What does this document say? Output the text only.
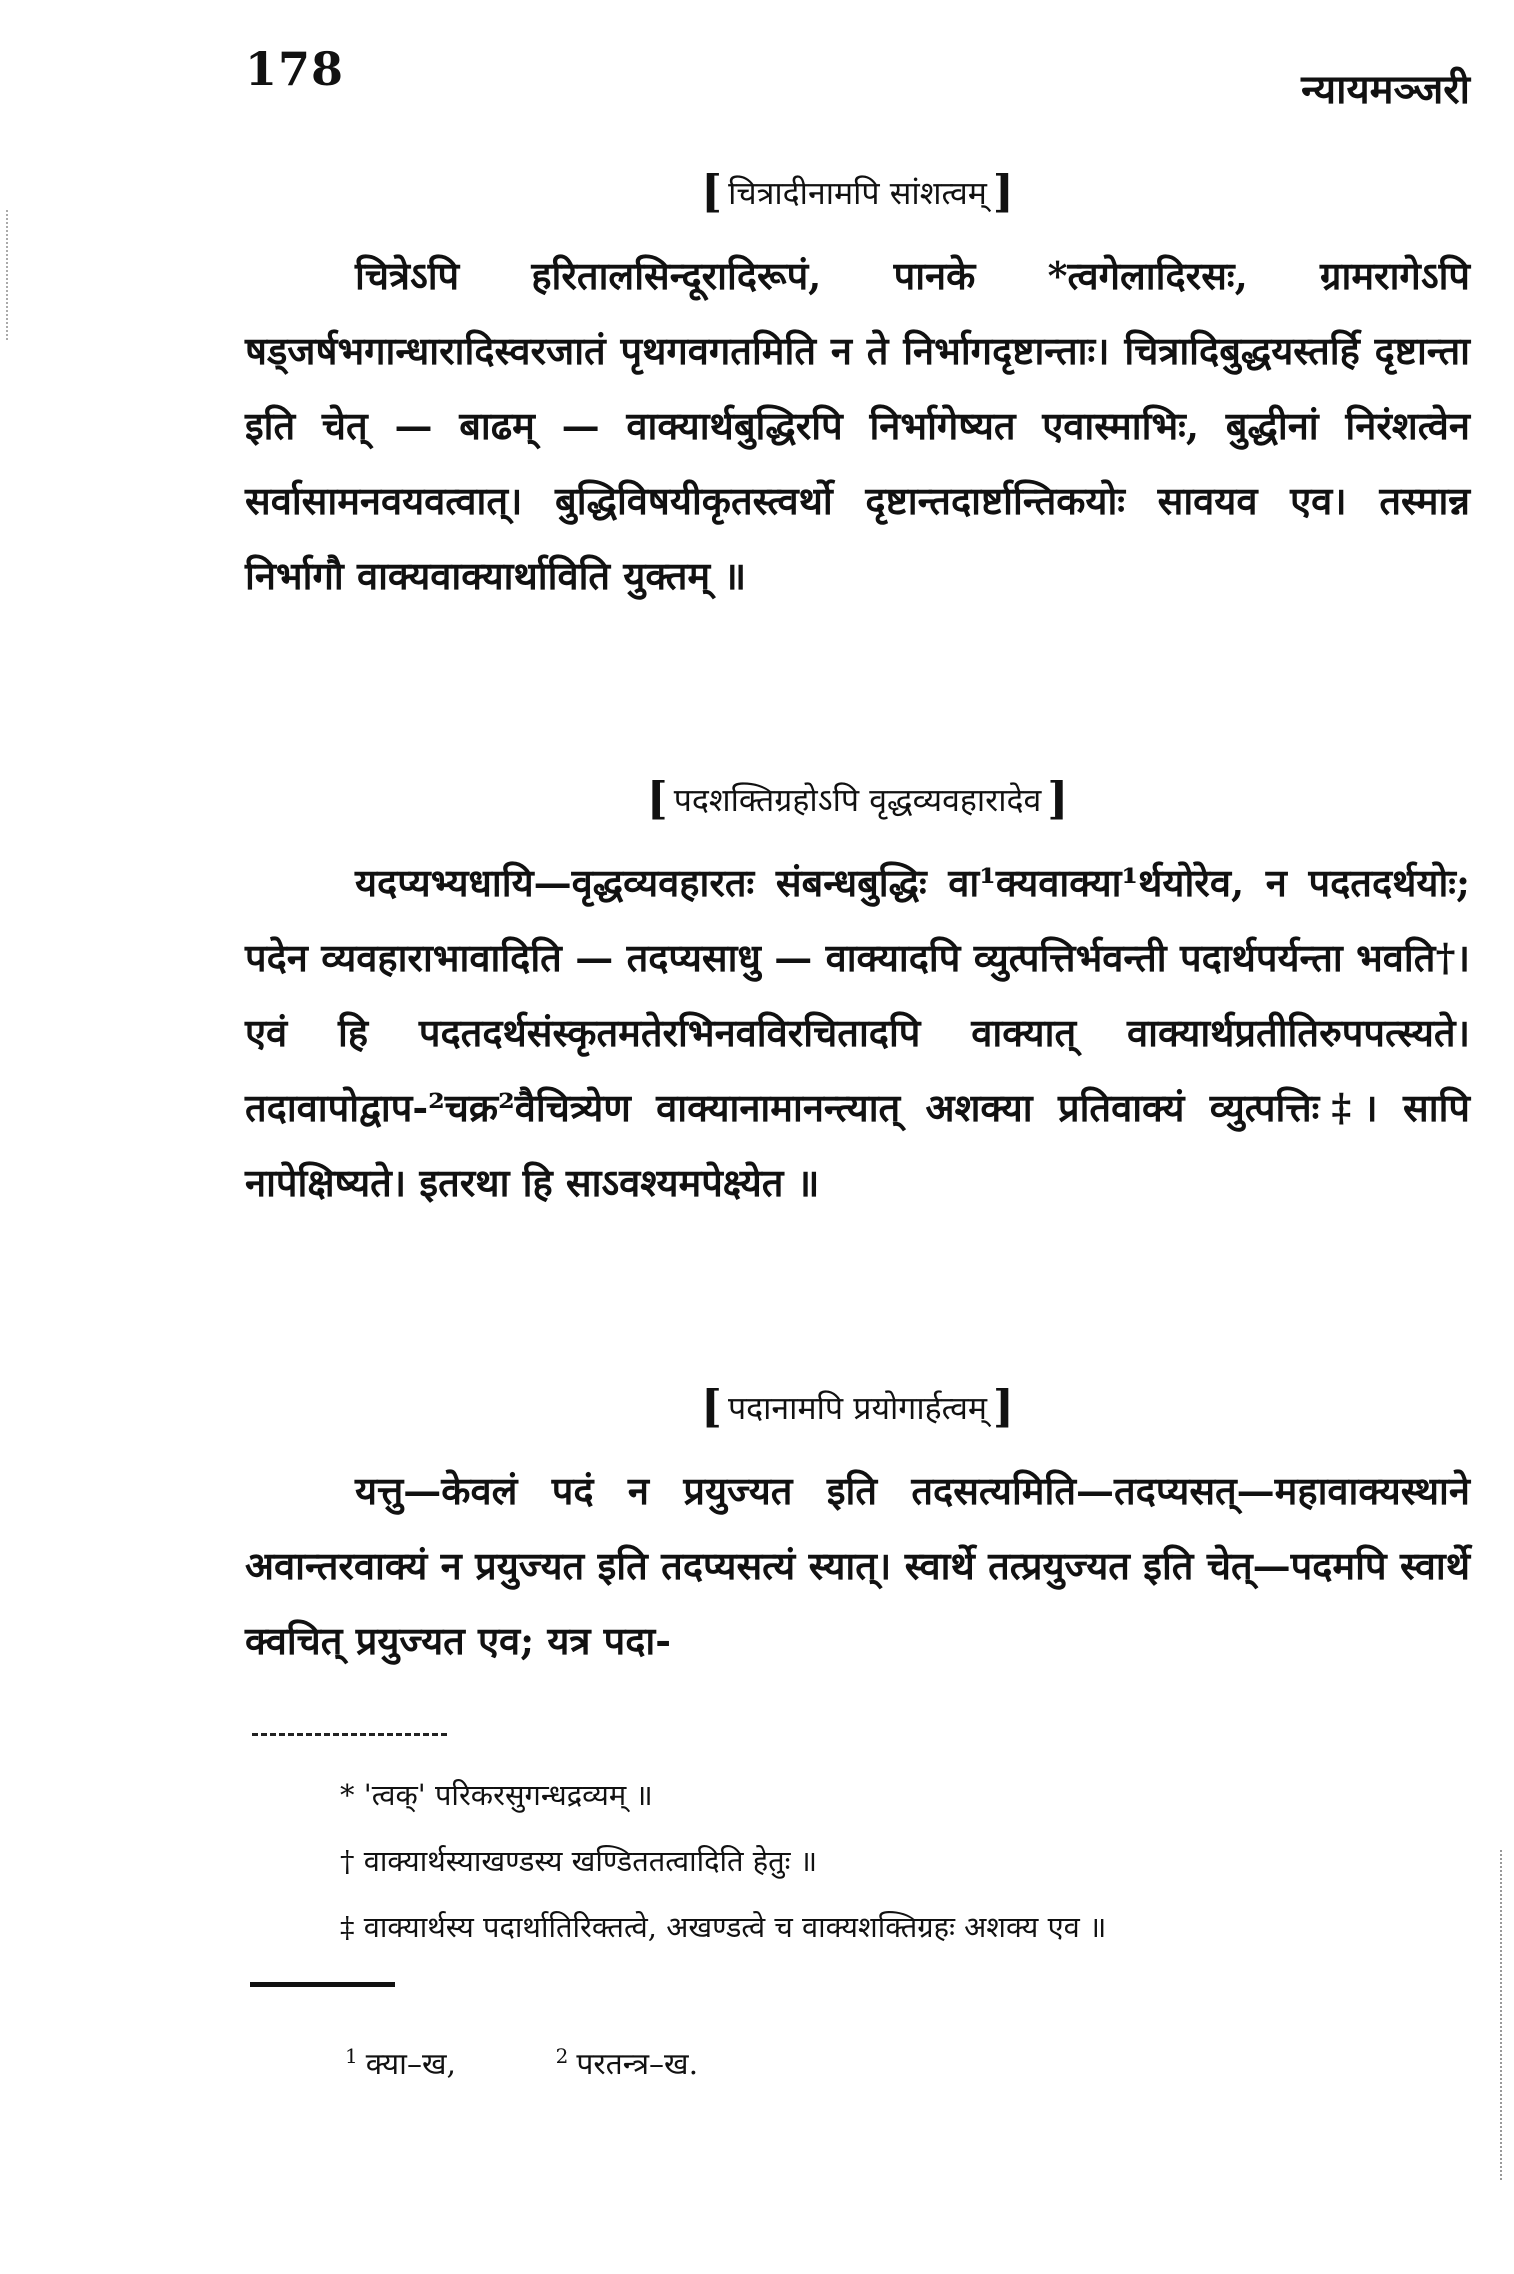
178	न्यायमञ्जरी
[ चित्रादीनामपि सांशत्वम् ]

चित्रेऽपि हरितालसिन्दूरादिरूपं, पानके *त्वगेलादिरसः, ग्रामरागेऽपि षड्जर्षभगान्धारादिस्वरजातं पृथगवगतमिति न ते निर्भागदृष्टान्ताः। चित्रादिबुद्धयस्तर्हि दृष्टान्ता इति चेत् — बाढम् — वाक्यार्थबुद्धिरपि निर्भागेष्यत एवास्माभिः, बुद्धीनां निरंशत्वेन सर्वासामनवयवत्वात्। बुद्धिविषयीकृतस्त्वर्थो दृष्टान्तदार्ष्टान्तिकयोः सावयव एव। तस्मान्न निर्भागौ वाक्यवाक्यार्थाविति युक्तम् ॥

[ पदशक्तिग्रहोऽपि वृद्धव्यवहारादेव ]

यदप्यभ्यधायि—वृद्धव्यवहारतः संबन्धबुद्धिः वा¹क्यवाक्या¹र्थयोरेव, न पदतदर्थयोः; पदेन व्यवहाराभावादिति — तदप्यसाधु — वाक्यादपि व्युत्पत्तिर्भवन्ती पदार्थपर्यन्ता भवति†। एवं हि पदतदर्थसंस्कृतमतेरभिनवविरचितादपि वाक्यात् वाक्यार्थप्रतीतिरुपपत्स्यते। तदावापोद्वाप-²चक्र²वैचित्र्येण वाक्यानामानन्त्यात् अशक्या प्रतिवाक्यं व्युत्पत्तिः‡। सापि नापेक्षिष्यते। इतरथा हि साऽवश्यमपेक्ष्येत ॥

[ पदानामपि प्रयोगार्हत्वम् ]

यत्तु—केवलं पदं न प्रयुज्यत इति तदसत्यमिति—तदप्यसत्—महावाक्यस्थाने अवान्तरवाक्यं न प्रयुज्यत इति तदप्यसत्यं स्यात्। स्वार्थे तत्प्रयुज्यत इति चेत्—पदमपि स्वार्थे क्वचित् प्रयुज्यत एव; यत्र पदा-

* 'त्वक्' परिकरसुगन्धद्रव्यम् ॥
† वाक्यार्थस्याखण्डस्य खण्डिततत्वादिति हेतुः ॥
‡ वाक्यार्थस्य पदार्थातिरिक्तत्वे, अखण्डत्वे च वाक्यशक्तिग्रहः अशक्य एव ॥
$^1$ क्या–ख,	$^2$ परतन्त्र–ख.
